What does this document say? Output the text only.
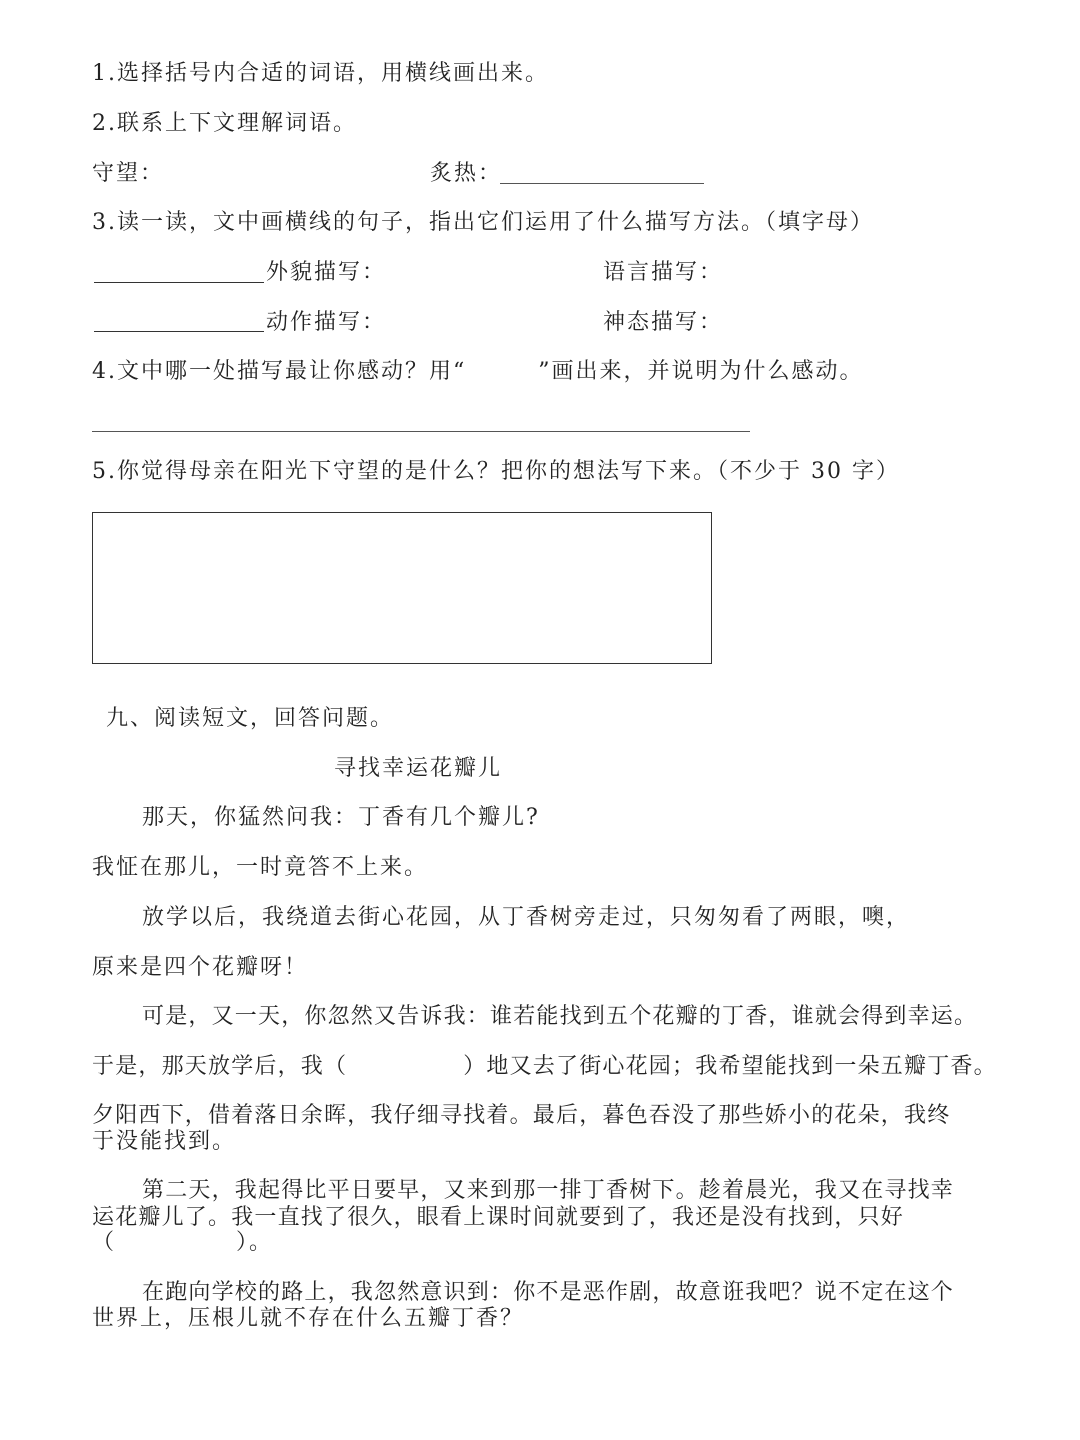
1.选择括号内合适的词语，用横线画出来。
2.联系上下文理解词语。
守望：	炙热：
3.读一读，文中画横线的句子，指出它们运用了什么描写方法。（填字母）
外貌描写：	语言描写：
动作描写：	神态描写：
4.文中哪一处描写最让你感动？用“　　　”画出来，并说明为什么感动。
5.你觉得母亲在阳光下守望的是什么？把你的想法写下来。（不少于 30 字）
九、阅读短文，回答问题。
寻找幸运花瓣儿
那天，你猛然问我：丁香有几个瓣儿?
我怔在那儿，一时竟答不上来。
放学以后，我绕道去街心花园，从丁香树旁走过，只匆匆看了两眼，噢，
原来是四个花瓣呀！
可是，又一天，你忽然又告诉我：谁若能找到五个花瓣的丁香，谁就会得到幸运。
于是，那天放学后，我（　　　　　）地又去了街心花园；我希望能找到一朵五瓣丁香。
夕阳西下，借着落日余晖，我仔细寻找着。最后，暮色吞没了那些娇小的花朵，我终
于没能找到。
第二天，我起得比平日要早，又来到那一排丁香树下。趁着晨光，我又在寻找幸
运花瓣儿了。我一直找了很久，眼看上课时间就要到了，我还是没有找到，只好
（　　　　　）。
在跑向学校的路上，我忽然意识到：你不是恶作剧，故意诳我吧？说不定在这个
世界上，压根儿就不存在什么五瓣丁香？
